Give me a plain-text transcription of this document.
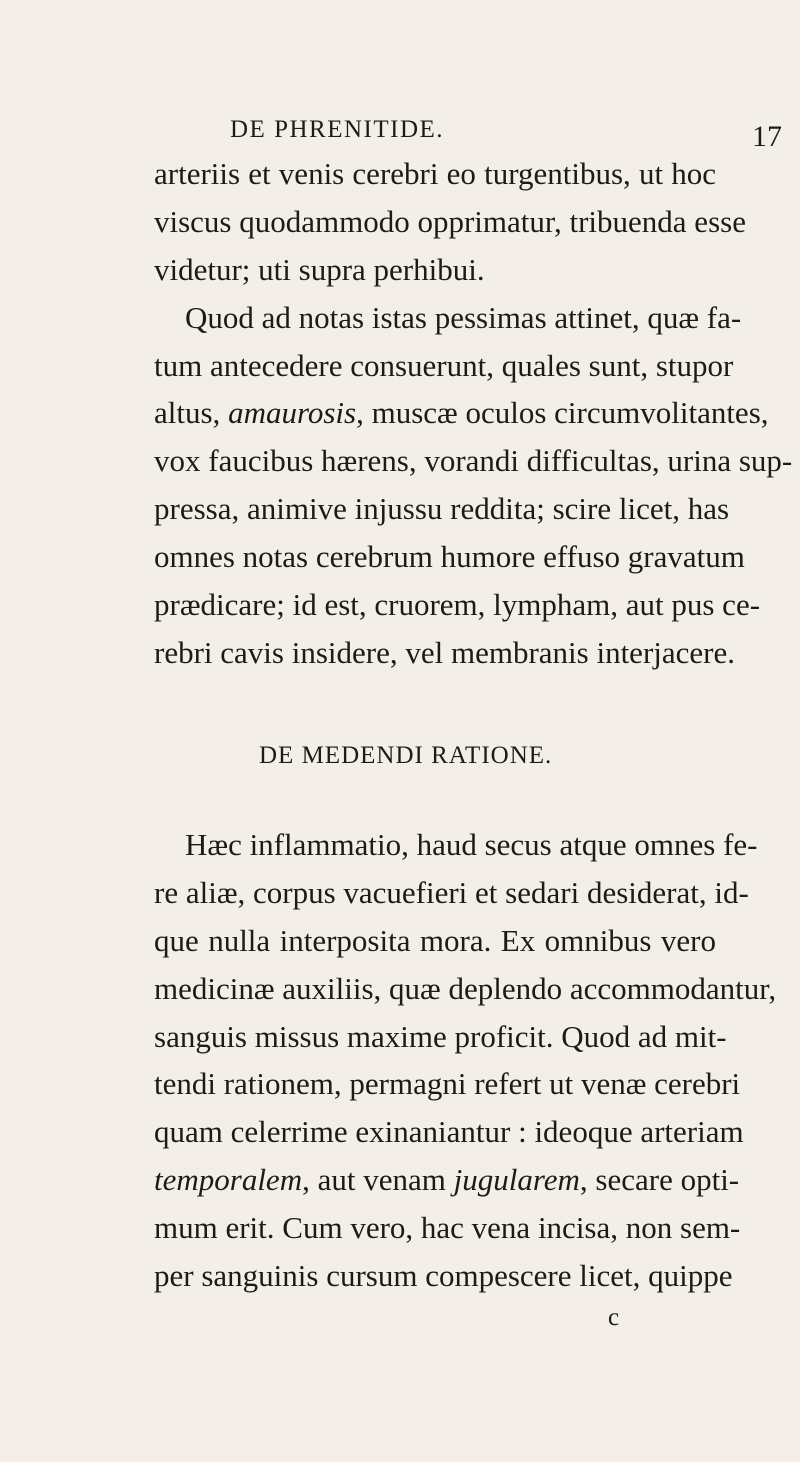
DE PHRENITIDE.	17
arteriis et venis cerebri eo turgentibus, ut hoc
viscus quodammodo opprimatur, tribuenda esse
videtur; uti supra perhibui.
Quod ad notas istas pessimas attinet, quæ fa-
tum antecedere consuerunt, quales sunt, stupor
altus, amaurosis, muscæ oculos circumvolitantes,
vox faucibus hærens, vorandi difficultas, urina sup-
pressa, animive injussu reddita; scire licet, has
omnes notas cerebrum humore effuso gravatum
prædicare; id est, cruorem, lympham, aut pus ce-
rebri cavis insidere, vel membranis interjacere.
DE MEDENDI RATIONE.
Hæc inflammatio, haud secus atque omnes fe-
re aliæ, corpus vacuefieri et sedari desiderat, id-
que nulla interposita mora. Ex omnibus vero
medicinæ auxiliis, quæ deplendo accommodantur,
sanguis missus maxime proficit. Quod ad mit-
tendi rationem, permagni refert ut venæ cerebri
quam celerrime exinaniantur : ideoque arteriam
temporalem, aut venam jugularem, secare opti-
mum erit. Cum vero, hac vena incisa, non sem-
per sanguinis cursum compescere licet, quippe
c
